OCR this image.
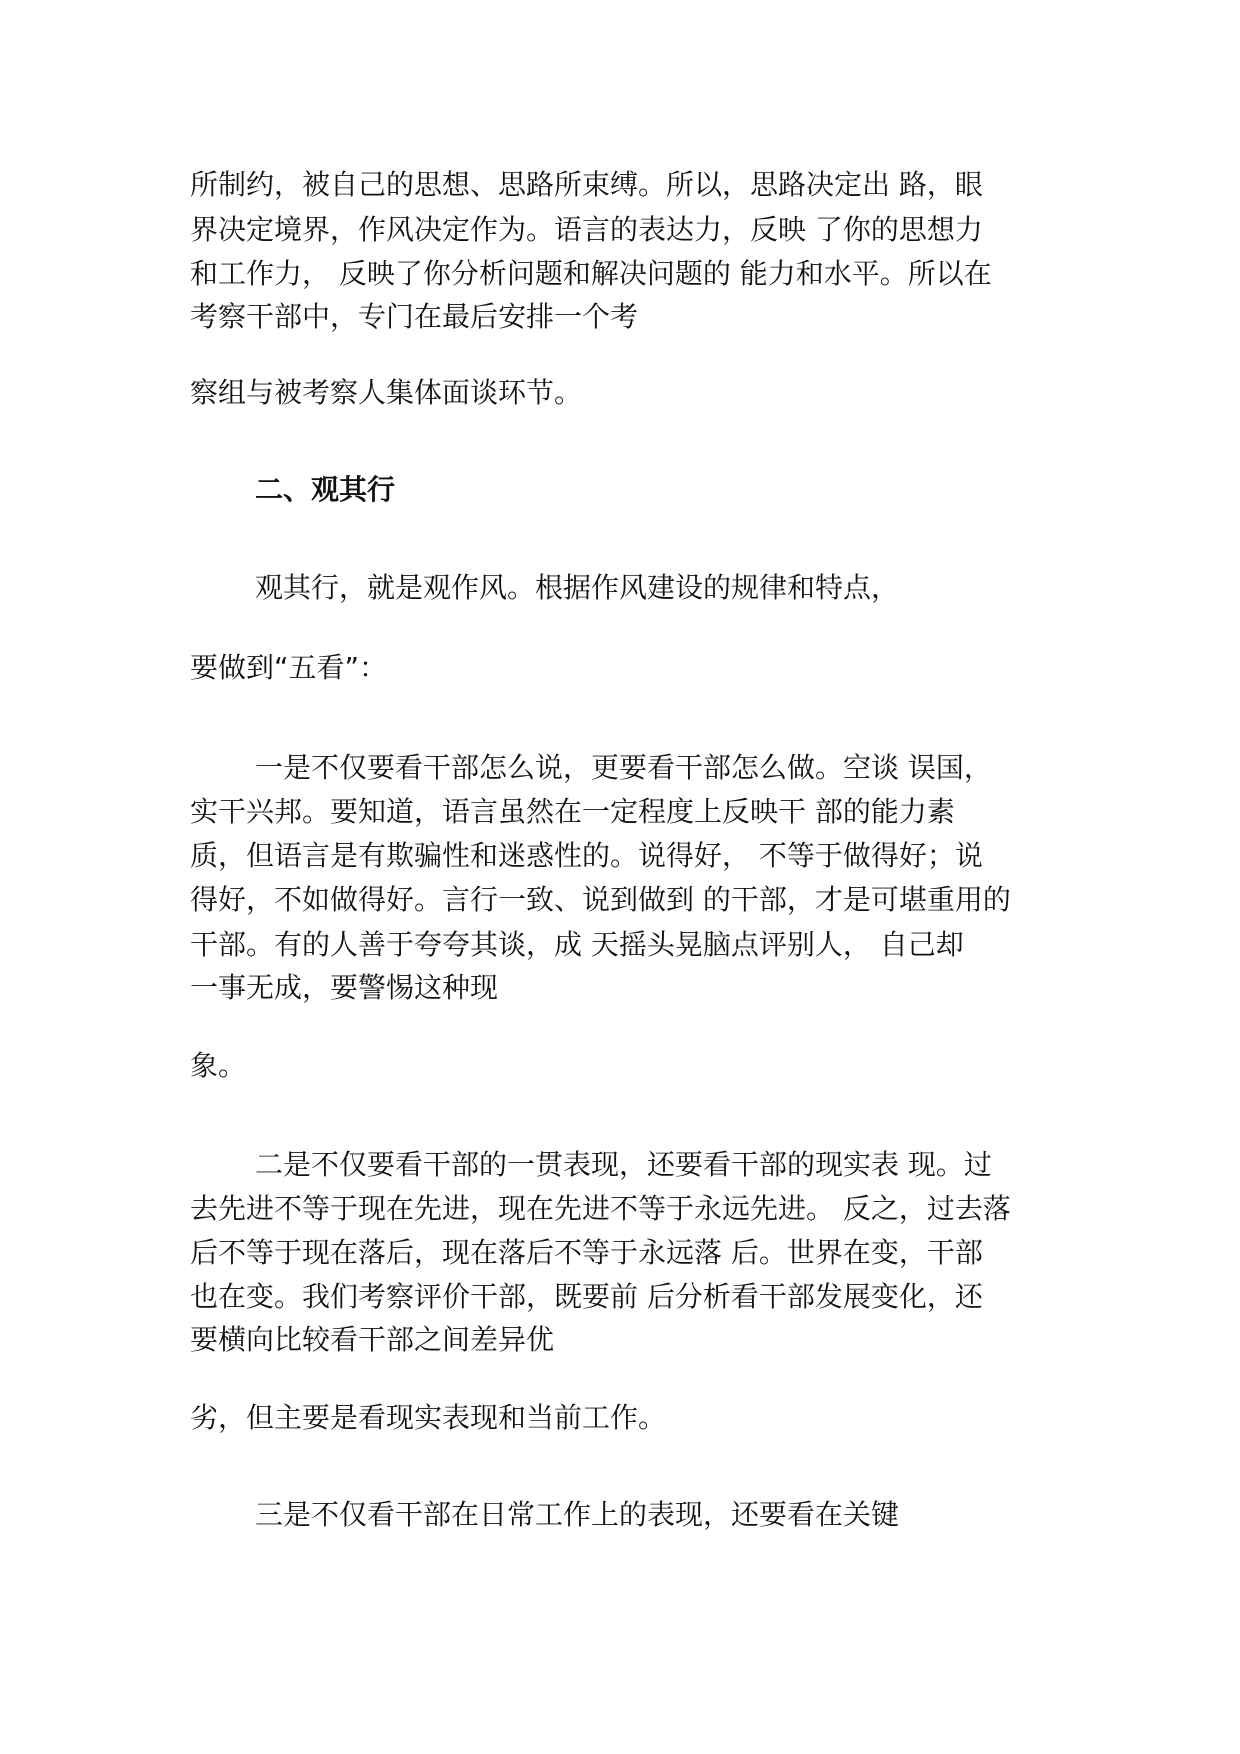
所制约，被自己的思想、思路所束缚。所以，思路决定出 路，眼
界决定境界，作风决定作为。语言的表达力，反映 了你的思想力
和工作力， 反映了你分析问题和解决问题的 能力和水平。所以在
考察干部中，专门在最后安排一个考
察组与被考察人集体面谈环节。
二、观其行
观其行，就是观作风。根据作风建设的规律和特点，
要做到“五看”：
一是不仅要看干部怎么说，更要看干部怎么做。空谈 误国，
实干兴邦。要知道，语言虽然在一定程度上反映干 部的能力素
质，但语言是有欺骗性和迷惑性的。说得好， 不等于做得好；说
得好，不如做得好。言行一致、说到做到 的干部，才是可堪重用的
干部。有的人善于夸夸其谈，成 天摇头晃脑点评别人， 自己却
一事无成，要警惕这种现
象。
二是不仅要看干部的一贯表现，还要看干部的现实表 现。过
去先进不等于现在先进，现在先进不等于永远先进。 反之，过去落
后不等于现在落后，现在落后不等于永远落 后。世界在变，干部
也在变。我们考察评价干部，既要前 后分析看干部发展变化，还
要横向比较看干部之间差异优
劣，但主要是看现实表现和当前工作。
三是不仅看干部在日常工作上的表现，还要看在关键
